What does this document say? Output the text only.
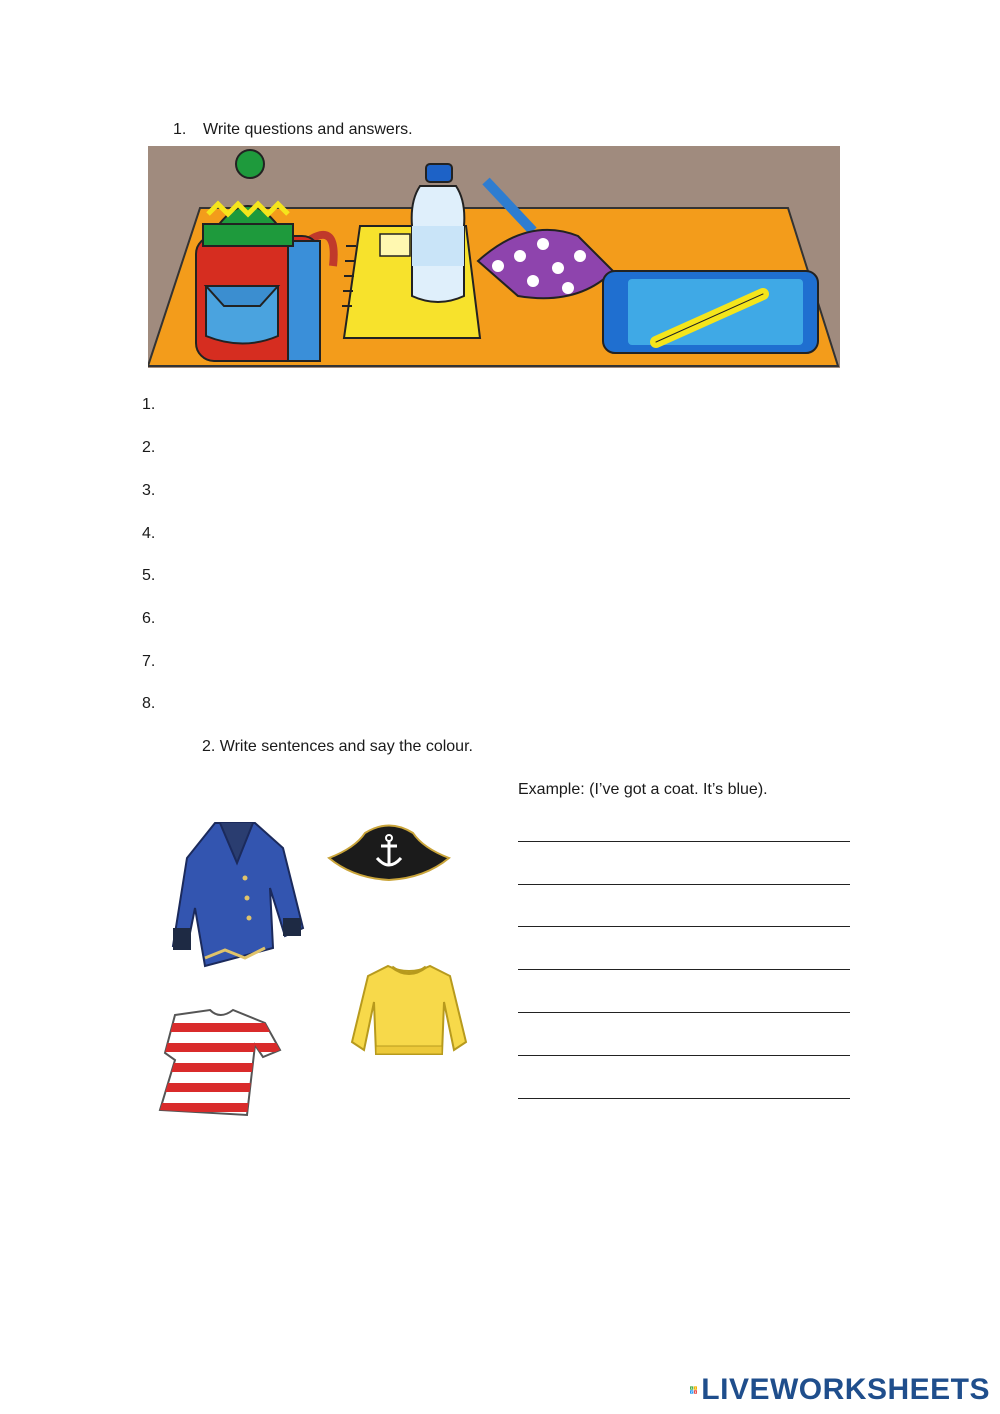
1. Write questions and answers.
1.
2.
3.
4.
5.
6.
7.
8.
2. Write sentences and say the colour.
Example: (I’ve got a coat. It’s blue).
L I
V E LIVEWORKSHEETS
